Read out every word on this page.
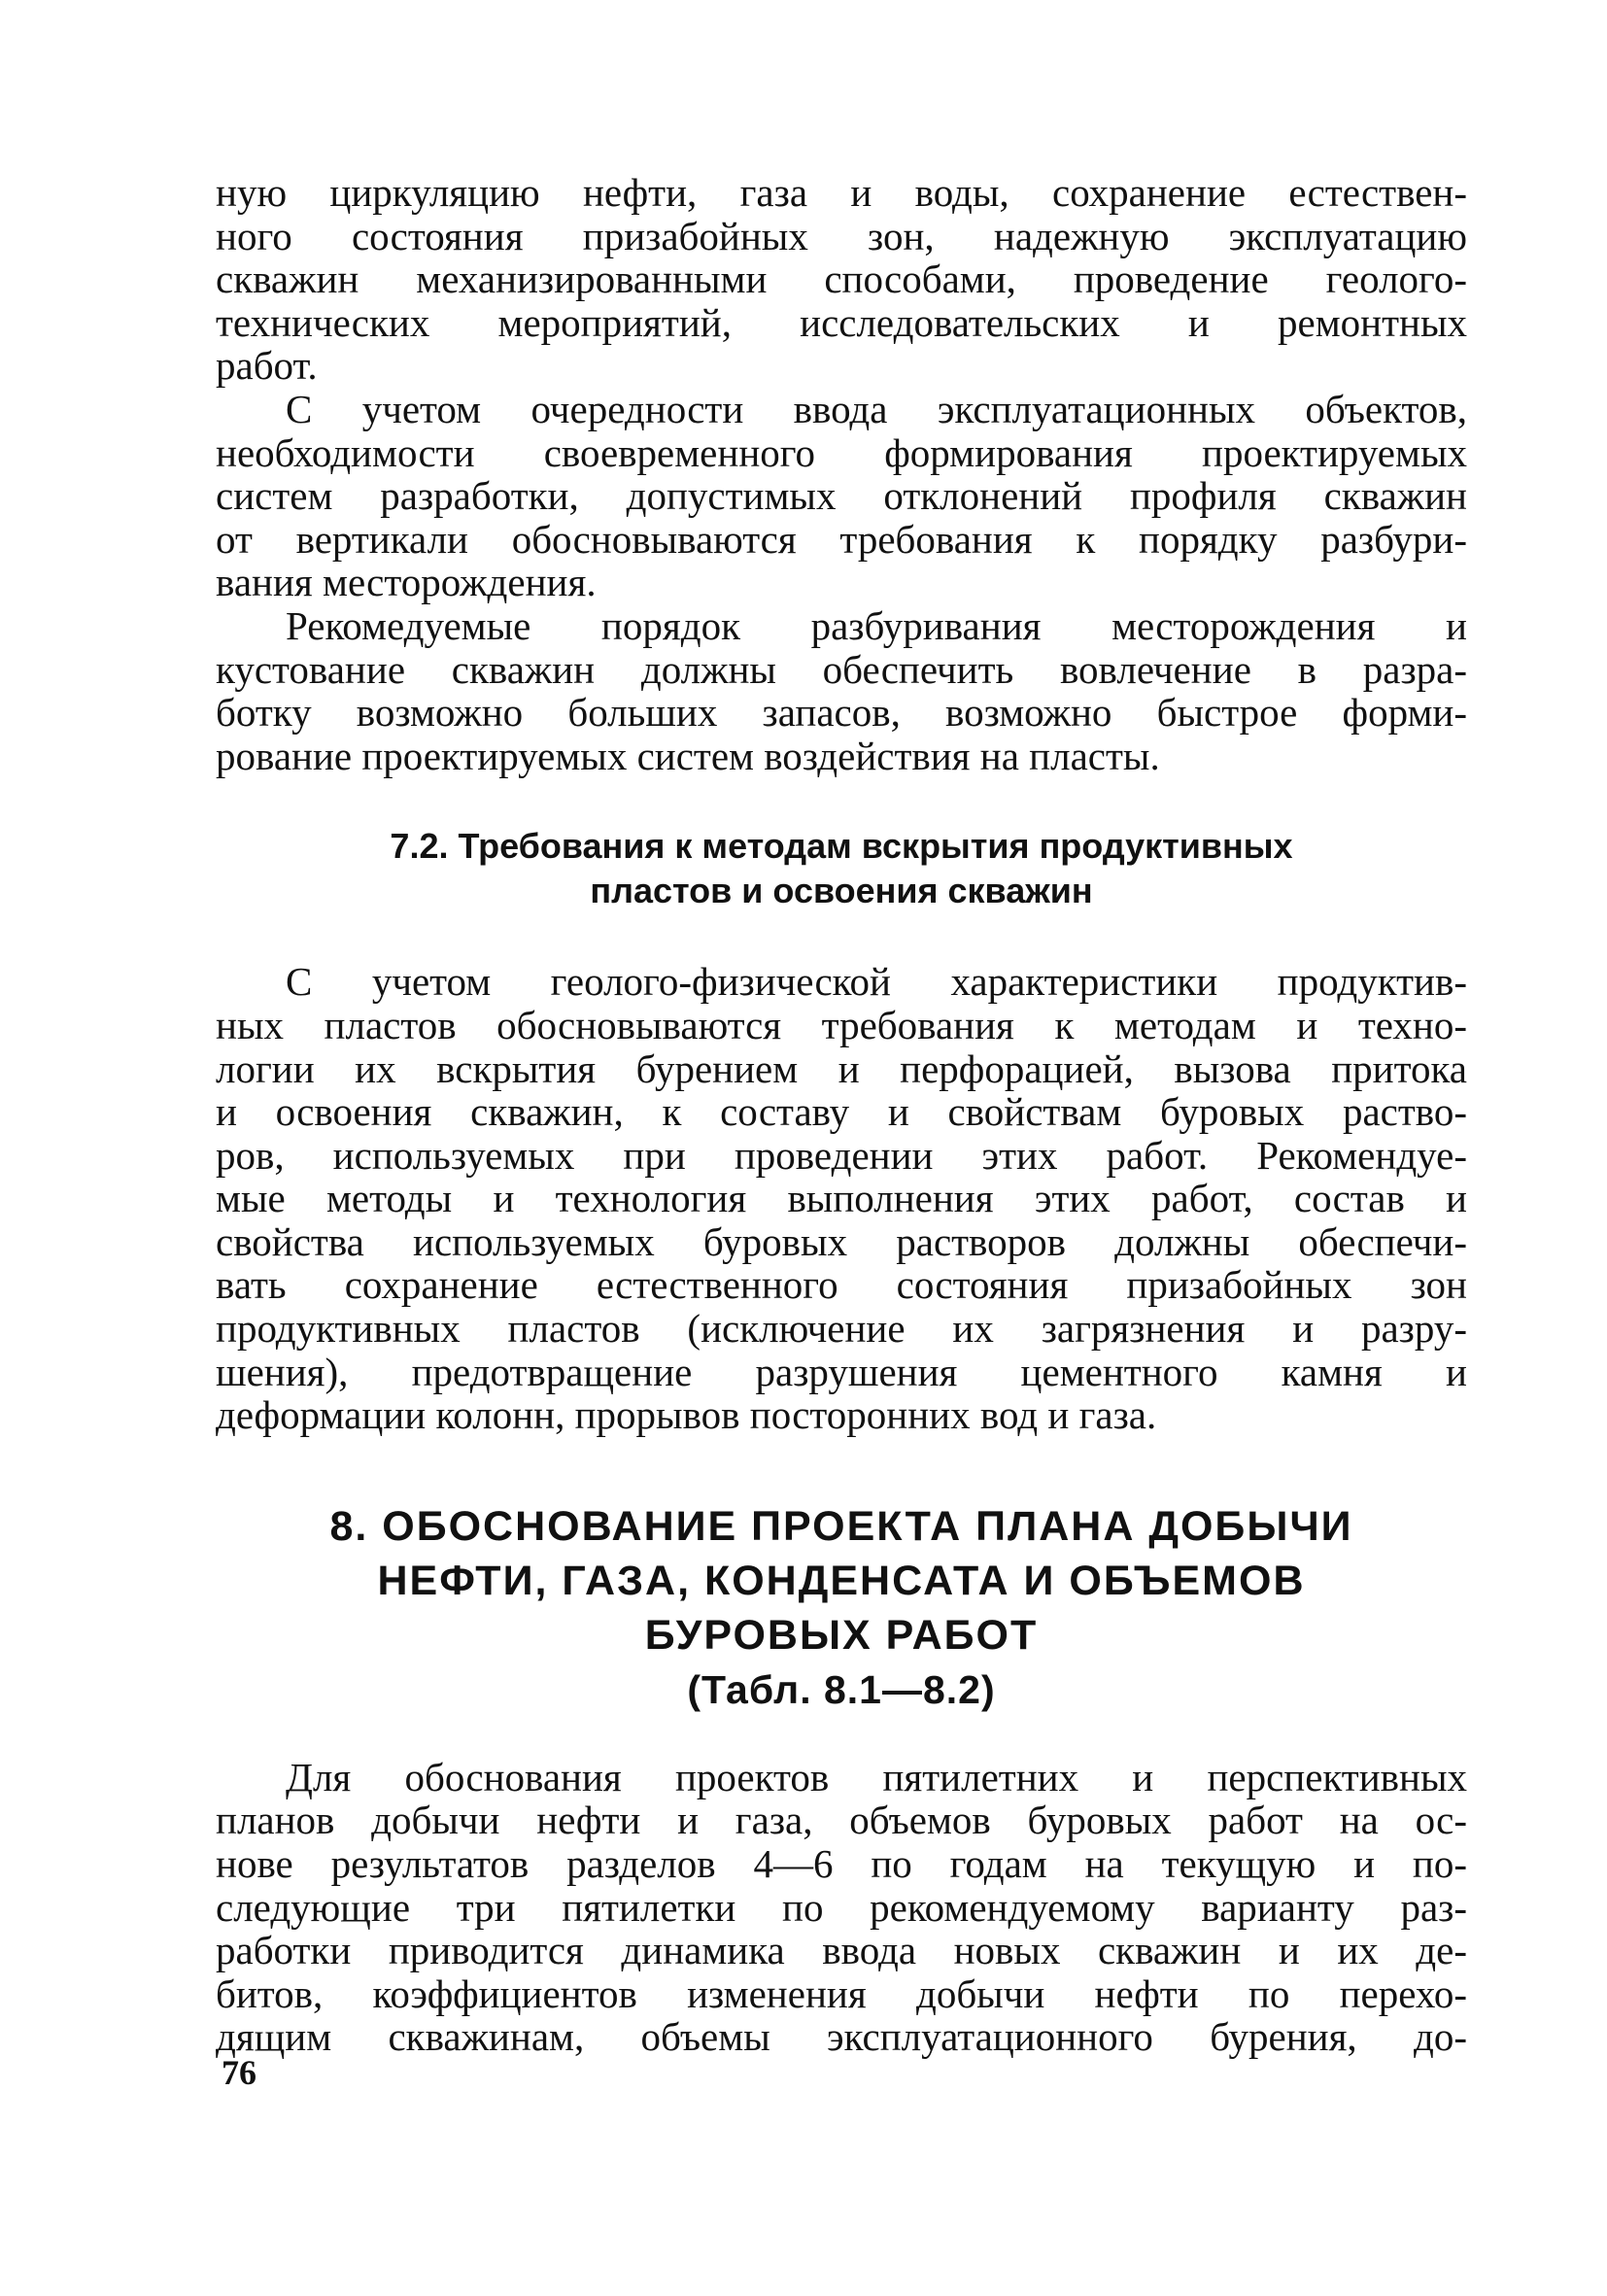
ную циркуляцию нефти, газа и воды, сохранение естествен-

ного состояния призабойных зон, надежную эксплуатацию

скважин механизированными способами, проведение геолого-

технических мероприятий, исследовательских и ремонтных

работ.

С учетом очередности ввода эксплуатационных объектов,

необходимости своевременного формирования проектируемых

систем разработки, допустимых отклонений профиля скважин

от вертикали обосновываются требования к порядку разбури-

вания месторождения.

Рекомедуемые порядок разбуривания месторождения и

кустование скважин должны обеспечить вовлечение в разра-

ботку возможно больших запасов, возможно быстрое форми-

рование проектируемых систем воздействия на пласты.

7.2. Требования к методам вскрытия продуктивных
пластов и освоения скважин

С учетом геолого-физической характеристики продуктив-

ных пластов обосновываются требования к методам и техно-

логии их вскрытия бурением и перфорацией, вызова притока

и освоения скважин, к составу и свойствам буровых раство-

ров, используемых при проведении этих работ. Рекомендуе-

мые методы и технология выполнения этих работ, состав и

свойства используемых буровых растворов должны обеспечи-

вать сохранение естественного состояния призабойных зон

продуктивных пластов (исключение их загрязнения и разру-

шения), предотвращение разрушения цементного камня и

деформации колонн, прорывов посторонних вод и газа.

8. ОБОСНОВАНИЕ ПРОЕКТА ПЛАНА ДОБЫЧИ
НЕФТИ, ГАЗА, КОНДЕНСАТА И ОБЪЕМОВ
БУРОВЫХ РАБОТ
(Табл. 8.1—8.2)

Для обоснования проектов пятилетних и перспективных

планов добычи нефти и газа, объемов буровых работ на ос-

нове результатов разделов 4—6 по годам на текущую и по-

следующие три пятилетки по рекомендуемому варианту раз-

работки приводится динамика ввода новых скважин и их де-

битов, коэффициентов изменения добычи нефти по перехо-

дящим скважинам, объемы эксплуатационного бурения, до-

76
